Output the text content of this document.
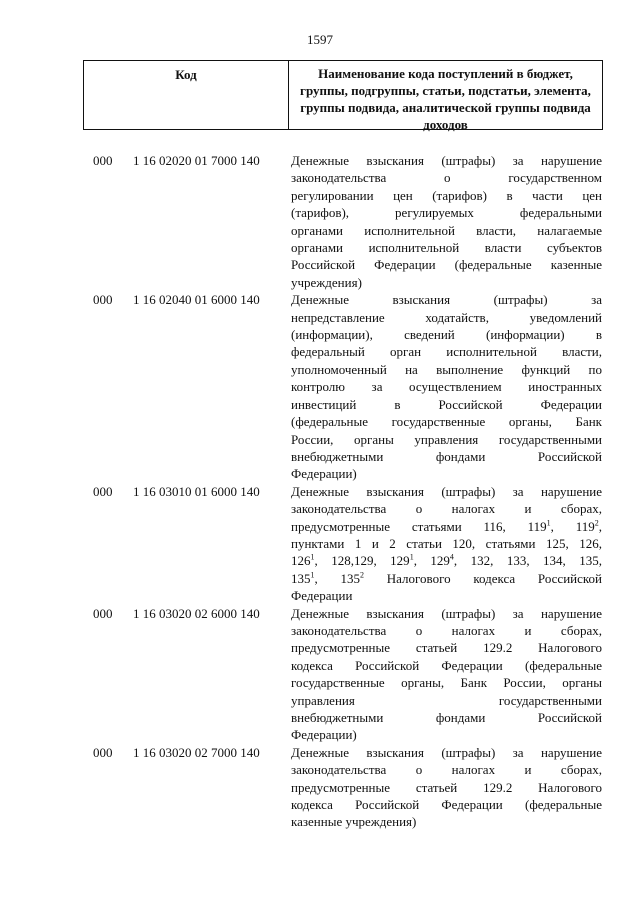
1597
Код	Наименование кода поступлений в бюджет, группы, подгруппы, статьи, подстатьи, элемента, группы подвида, аналитической группы подвида доходов
000 1 16 02020 01 7000 140 Денежные взыскания (штрафы) за нарушение
законодательства о государственном
регулировании цен (тарифов) в части цен
(тарифов), регулируемых федеральными
органами исполнительной власти, налагаемые
органами исполнительной власти субъектов
Российской Федерации (федеральные казенные
учреждения)
000 1 16 02040 01 6000 140 Денежные взыскания (штрафы) за
непредставление ходатайств, уведомлений
(информации), сведений (информации) в
федеральный орган исполнительной власти,
уполномоченный на выполнение функций по
контролю за осуществлением иностранных
инвестиций в Российской Федерации
(федеральные государственные органы, Банк
России, органы управления государственными
внебюджетными фондами Российской
Федерации)
000 1 16 03010 01 6000 140 Денежные взыскания (штрафы) за нарушение
законодательства о налогах и сборах,
предусмотренные статьями 116, $119^1$, $119^2$,
пунктами 1 и 2 статьи 120, статьями 125, 126,
$126^1$, 128,129, $129^1$, $129^4$, 132, 133, 134, 135,
$135^1$, $135^2$ Налогового кодекса Российской
Федерации
000 1 16 03020 02 6000 140 Денежные взыскания (штрафы) за нарушение
законодательства о налогах и сборах,
предусмотренные статьей 129.2 Налогового
кодекса Российской Федерации (федеральные
государственные органы, Банк России, органы
управления государственными
внебюджетными фондами Российской
Федерации)
000 1 16 03020 02 7000 140 Денежные взыскания (штрафы) за нарушение
законодательства о налогах и сборах,
предусмотренные статьей 129.2 Налогового
кодекса Российской Федерации (федеральные
казенные учреждения)
